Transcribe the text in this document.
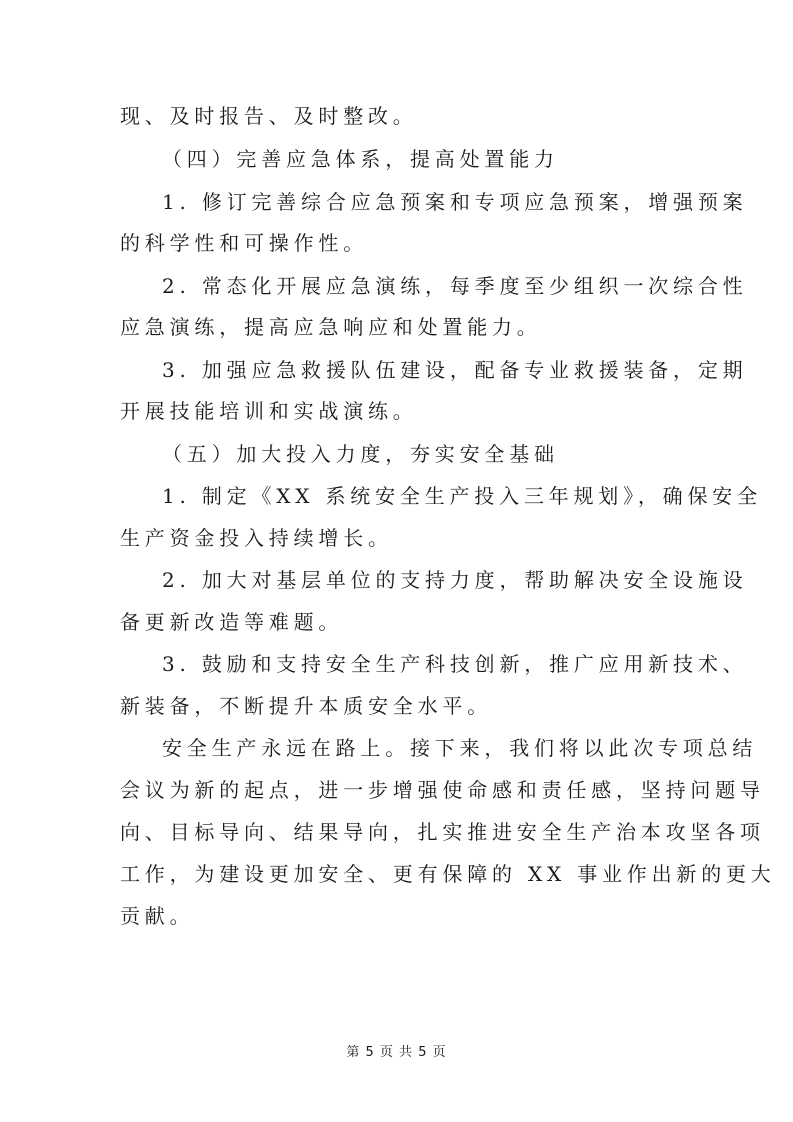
现、及时报告、及时整改。
（四）完善应急体系，提高处置能力
1. 修订完善综合应急预案和专项应急预案，增强预案
的科学性和可操作性。
2. 常态化开展应急演练，每季度至少组织一次综合性
应急演练，提高应急响应和处置能力。
3. 加强应急救援队伍建设，配备专业救援装备，定期
开展技能培训和实战演练。
（五）加大投入力度，夯实安全基础
1. 制定《XX 系统安全生产投入三年规划》，确保安全
生产资金投入持续增长。
2. 加大对基层单位的支持力度，帮助解决安全设施设
备更新改造等难题。
3. 鼓励和支持安全生产科技创新，推广应用新技术、
新装备，不断提升本质安全水平。
安全生产永远在路上。接下来，我们将以此次专项总结
会议为新的起点，进一步增强使命感和责任感，坚持问题导
向、目标导向、结果导向，扎实推进安全生产治本攻坚各项
工作，为建设更加安全、更有保障的 XX 事业作出新的更大
贡献。
第 5 页 共 5 页
